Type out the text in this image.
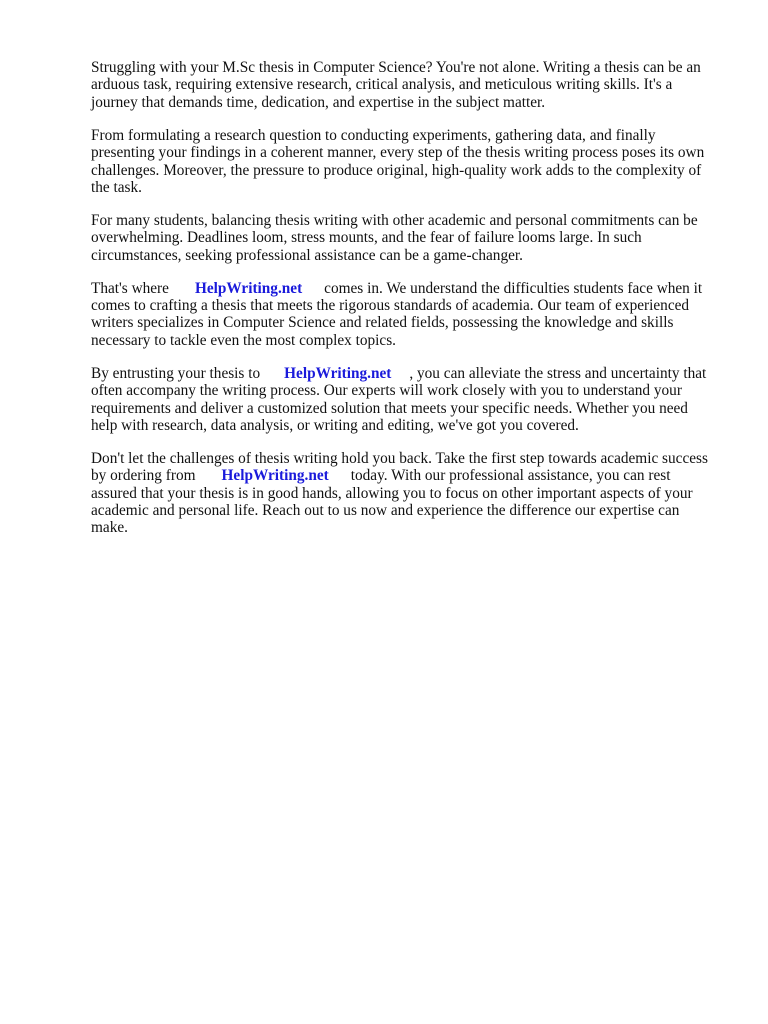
Struggling with your M.Sc thesis in Computer Science? You're not alone. Writing a thesis can be an
arduous task, requiring extensive research, critical analysis, and meticulous writing skills. It's a
journey that demands time, dedication, and expertise in the subject matter.

From formulating a research question to conducting experiments, gathering data, and finally
presenting your findings in a coherent manner, every step of the thesis writing process poses its own
challenges. Moreover, the pressure to produce original, high-quality work adds to the complexity of
the task.

For many students, balancing thesis writing with other academic and personal commitments can be
overwhelming. Deadlines loom, stress mounts, and the fear of failure looms large. In such
circumstances, seeking professional assistance can be a game-changer.

That's where HelpWriting.net comes in. We understand the difficulties students face when it
comes to crafting a thesis that meets the rigorous standards of academia. Our team of experienced
writers specializes in Computer Science and related fields, possessing the knowledge and skills
necessary to tackle even the most complex topics.

By entrusting your thesis to HelpWriting.net , you can alleviate the stress and uncertainty that
often accompany the writing process. Our experts will work closely with you to understand your
requirements and deliver a customized solution that meets your specific needs. Whether you need
help with research, data analysis, or writing and editing, we've got you covered.

Don't let the challenges of thesis writing hold you back. Take the first step towards academic success
by ordering from HelpWriting.net today. With our professional assistance, you can rest
assured that your thesis is in good hands, allowing you to focus on other important aspects of your
academic and personal life. Reach out to us now and experience the difference our expertise can
make.
